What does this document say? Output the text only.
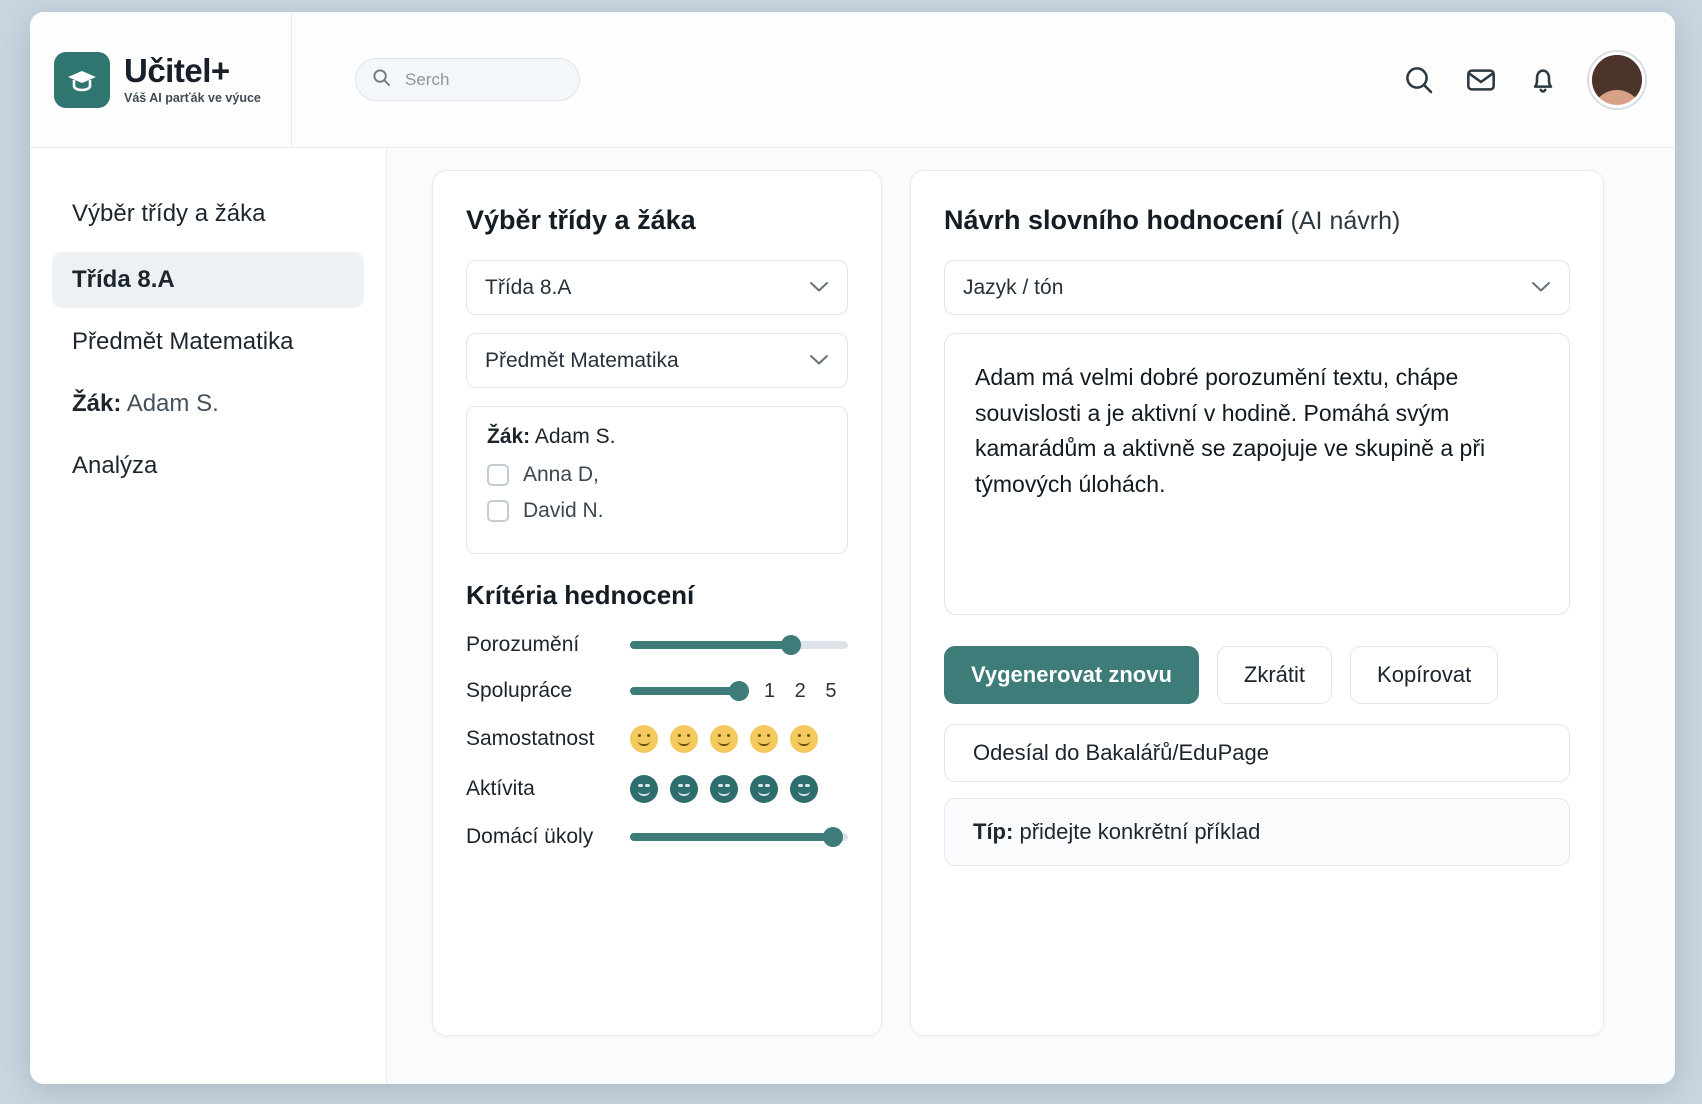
Učitel+
Váš AI parťák ve výuce
Serch
Výběr třídy a žáka
Třída 8.A
Předmět Matematika
Žák: Adam S.
Analýza
Výběr třídy a žáka
Třída 8.A
Předmět Matematika
Žák: Adam S.
Anna D,
David N.
Krítéria hednocení
Porozumění
Spolupráce	1 2 5
Samostatnost
Aktívita
Domácí ükoly
Návrh slovního hodnocení (AI návrh)
Jazyk / tón
Adam má velmi dobré porozumění textu, chápe souvislosti a je aktivní v hodině. Pomáhá svým kamarádům a aktivně se zapojuje ve skupině a při týmových úlohách.
Vygenerovat znovu	Zkrátit	Kopírovat
Odesíal do Bakalářů/EduPage
Típ: přidejte konkrětní příklad
